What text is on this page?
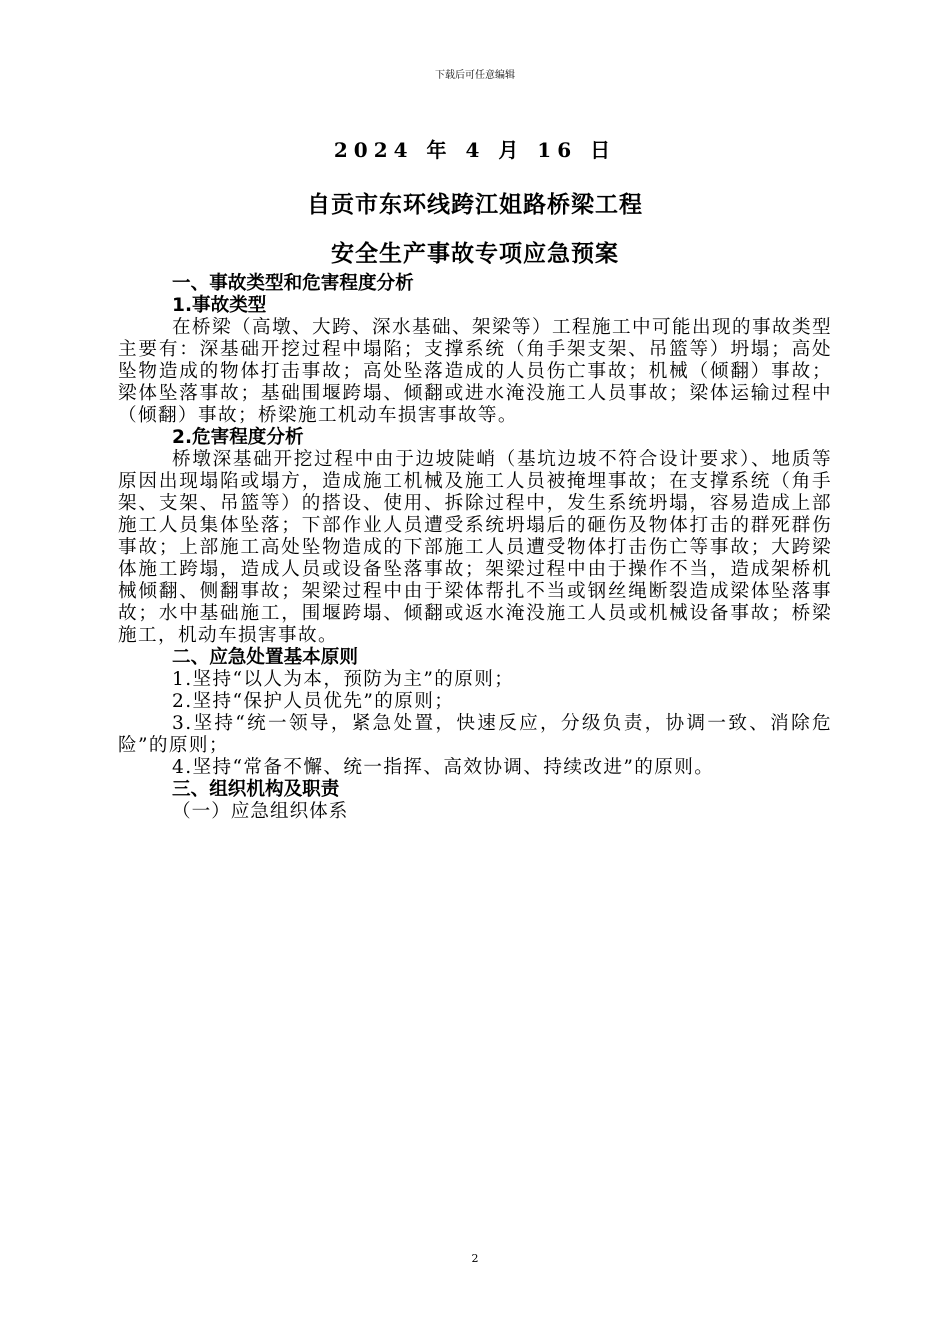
下载后可任意编辑
2024 年 4 月 16 日
自贡市东环线跨江姐路桥梁工程
安全生产事故专项应急预案
一、事故类型和危害程度分析
1.事故类型

在桥梁（高墩、大跨、深水基础、架梁等）工程施工中可能出现的事故类型主要有：深基础开挖过程中塌陷；支撑系统（角手架支架、吊篮等）坍塌；高处坠物造成的物体打击事故；高处坠落造成的人员伤亡事故；机械（倾翻）事故；梁体坠落事故；基础围堰跨塌、倾翻或进水淹没施工人员事故；梁体运输过程中（倾翻）事故；桥梁施工机动车损害事故等。

2.危害程度分析

桥墩深基础开挖过程中由于边坡陡峭（基坑边坡不符合设计要求）、地质等原因出现塌陷或塌方，造成施工机械及施工人员被掩埋事故；在支撑系统（角手架、支架、吊篮等）的搭设、使用、拆除过程中，发生系统坍塌，容易造成上部施工人员集体坠落；下部作业人员遭受系统坍塌后的砸伤及物体打击的群死群伤事故；上部施工高处坠物造成的下部施工人员遭受物体打击伤亡等事故；大跨梁体施工跨塌，造成人员或设备坠落事故；架梁过程中由于操作不当，造成架桥机械倾翻、侧翻事故；架梁过程中由于梁体帮扎不当或钢丝绳断裂造成梁体坠落事故；水中基础施工，围堰跨塌、倾翻或返水淹没施工人员或机械设备事故；桥梁施工，机动车损害事故。

二、应急处置基本原则
1.坚持“以人为本，预防为主”的原则；
2.坚持“保护人员优先”的原则；
3.坚持“统一领导，紧急处置，快速反应，分级负责，协调一致、消除危险”的原则；
4.坚持“常备不懈、统一指挥、高效协调、持续改进”的原则。
三、组织机构及职责
（一）应急组织体系
2
